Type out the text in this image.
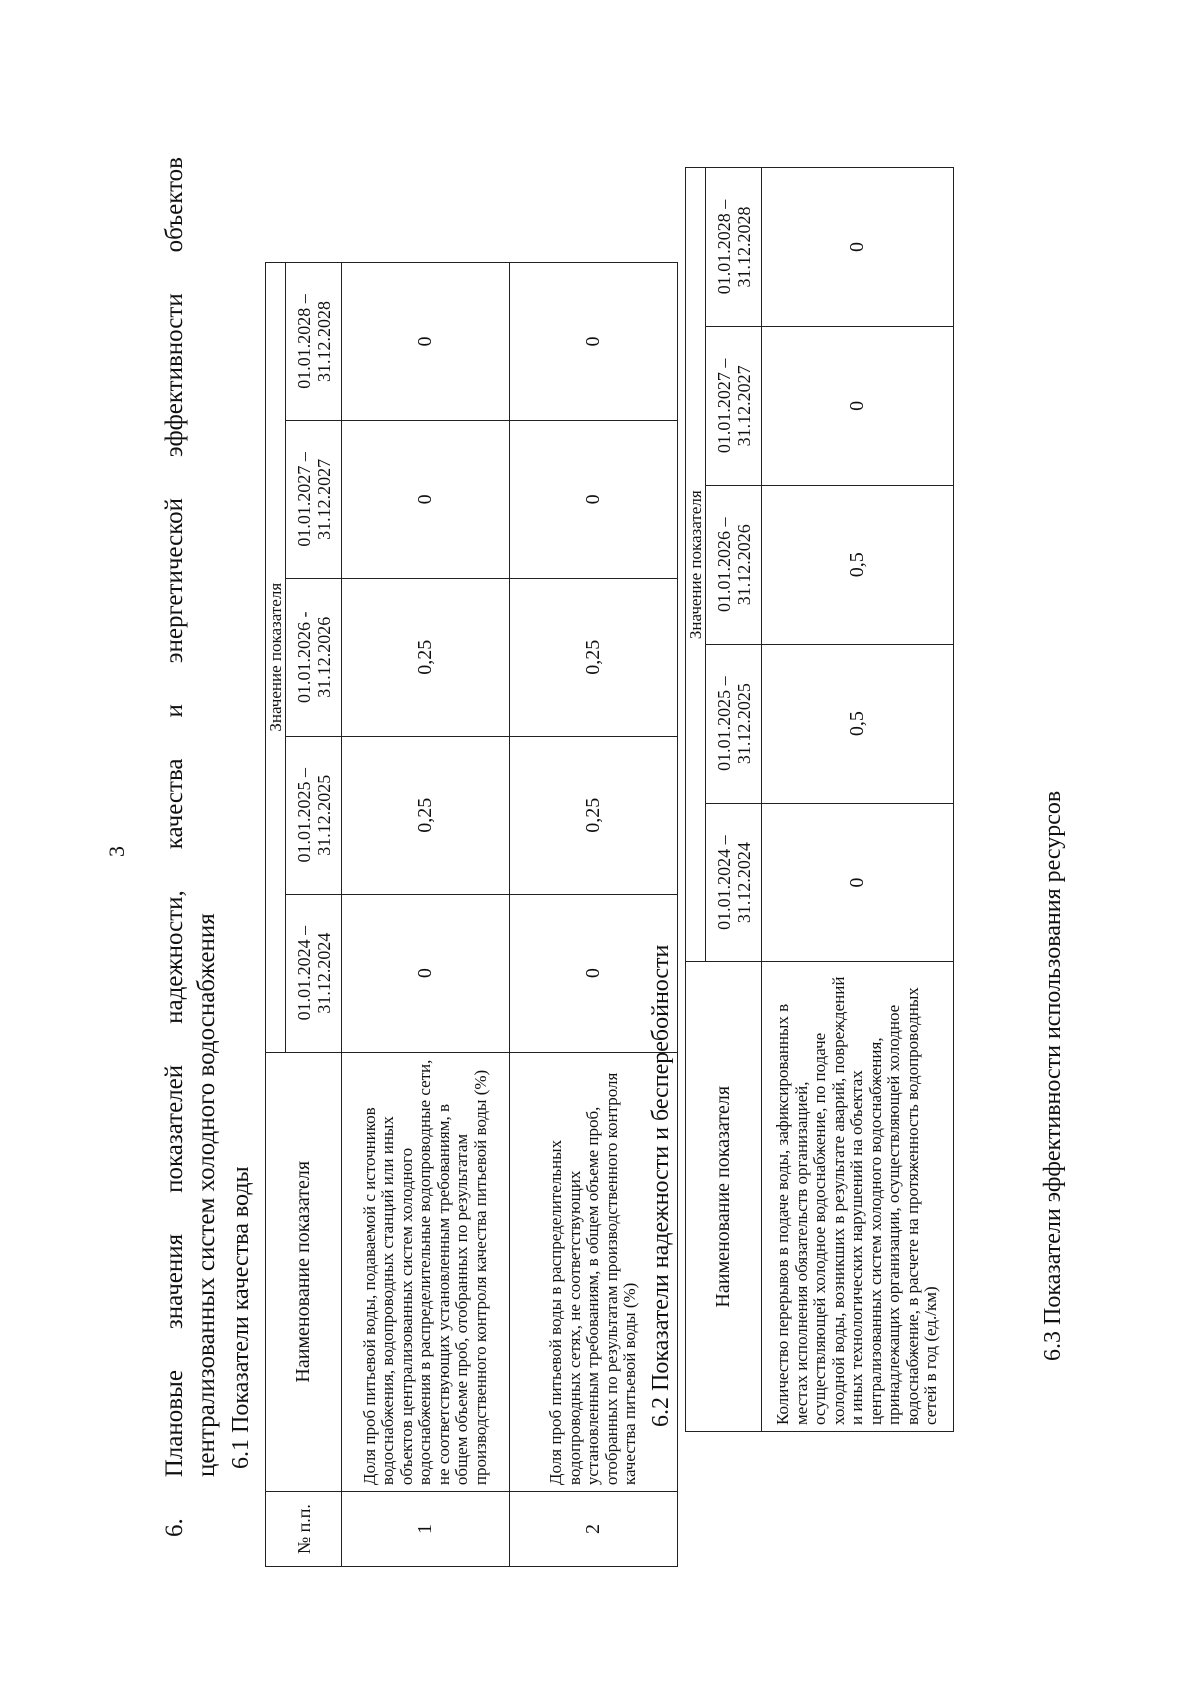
3 6. Плановые значения показателей надежности, качества и энергетической эффективности объектов централизованных систем холодного водоснабжения 6.1 Показатели качества воды
№ п.п.	Наименование показателя	Значение показателя				
		01.01.2024 – 31.12.2024	01.01.2025 – 31.12.2025	01.01.2026 - 31.12.2026	01.01.2027 – 31.12.2027	01.01.2028 – 31.12.2028
1	Доля проб питьевой воды, подаваемой с источников водоснабжения, водопроводных станций или иных объектов централизованных систем холодного водоснабжения в распределительные водопроводные сети, не соответствующих установленным требованиям, в общем объеме проб, отобранных по результатам производственного контроля качества питьевой воды (%)	0	0,25	0,25	0	0
2	Доля проб питьевой воды в распределительных водопроводных сетях, не соответствующих установленным требованиям, в общем объеме проб, отобранных по результатам производственного контроля качества питьевой воды (%)	0	0,25	0,25	0	0
6.2 Показатели надежности и бесперебойности Наименование показателя	Значение показателя				
	01.01.2024 – 31.12.2024	01.01.2025 – 31.12.2025	01.01.2026 – 31.12.2026	01.01.2027 – 31.12.2027	01.01.2028 – 31.12.2028
Количество перерывов в подаче воды, зафиксированных в местах исполнения обязательств организацией, осуществляющей холодное водоснабжение, по подаче холодной воды, возникших в результате аварий, повреждений и иных технологических нарушений на объектах централизованных систем холодного водоснабжения, принадлежащих организации, осуществляющей холодное водоснабжение, в расчете на протяженность водопроводных сетей в год (ед./км)	0	0,5	0,5	0	0
6.3 Показатели эффективности использования ресурсов
